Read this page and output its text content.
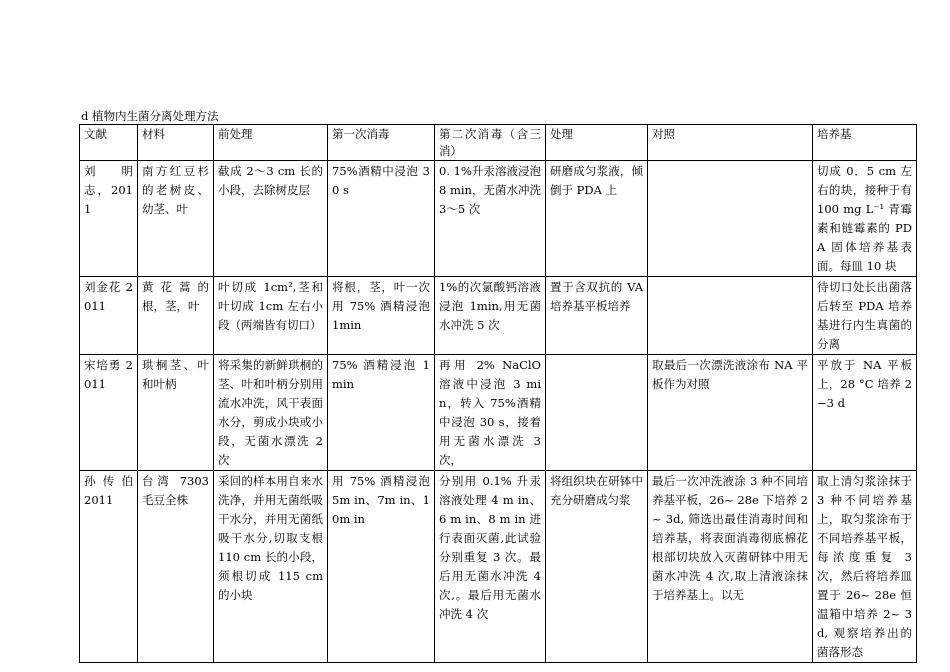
d 植物内生菌分离处理方法
文献	材料	前处理	第一次消毒	第二次消毒（含三消）	处理	对照	培养基
刘　明志，2011	南方红豆杉的老树皮、幼茎、叶	截成 2～3 cm 长的小段，去除树皮层	75%酒精中浸泡 30 s	0. 1%升汞溶液浸泡 8 min，无菌水冲洗 3～5 次	研磨成匀浆液，倾倒于 PDA 上		切成 0．5 cm 左右的块，接种于有 100 mg L⁻¹ 青霉素和链霉素的 PDA 固体培养基表面。每皿 10 块
刘金花 2011	黄花蒿的根，茎，叶	叶切成 1cm²,茎和叶切成 1cm 左右小段（两端皆有切口）	将根，茎，叶一次用 75% 酒精浸泡 1min	1%的次氯酸钙溶液浸泡 1min,用无菌水冲洗 5 次	置于含双抗的 VA 培养基平板培养		待切口处长出菌落后转至 PDA 培养基进行内生真菌的分离
宋培勇 2011	珙桐茎、叶和叶柄	将采集的新鲜珙桐的茎、叶和叶柄分别用流水冲洗，风干表面水分，剪成小块或小段，无菌水漂洗 2 次	75% 酒精浸泡 1 min	再用 2% NaClO 溶液中浸泡 3 min，转入 75%酒精中浸泡 30 s，接着用无菌水漂洗 3 次，		取最后一次漂洗液涂布 NA 平板作为对照	平放于 NA 平板上，28 °C 培养 2−3 d
孙 传 伯 2011	台湾 7303 毛豆全株	采回的样本用自来水洗净，并用无菌纸吸干水分，并用无菌纸吸干水分,切取支根 110 cm 长的小段，须根切成 115 cm 的小块	用 75% 酒精浸泡 5m in、7m in、10m in	分别用 0.1% 升汞溶液处理 4 m in、6 m in、8 m in 进行表面灭菌,此试验分别重复 3 次。最后用无菌水冲洗 4 次,。最后用无菌水冲洗 4 次	将组织块在研钵中充分研磨成匀浆	最后一次冲洗液涂 3 种不同培养基平板，26~ 28e 下培养 2~ 3d, 筛选出最佳消毒时间和培养基，将表面消毒彻底棉花根部切块放入灭菌研钵中用无菌水冲洗 4 次,取上清液涂抹于培养基上。以无	取上清匀浆涂抹于 3 种不同培养基上，取匀浆涂布于不同培养基平板，每浓度重复 3 次，然后将培养皿置于 26~ 28e 恒温箱中培养 2~ 3d, 观察培养出的菌落形态
